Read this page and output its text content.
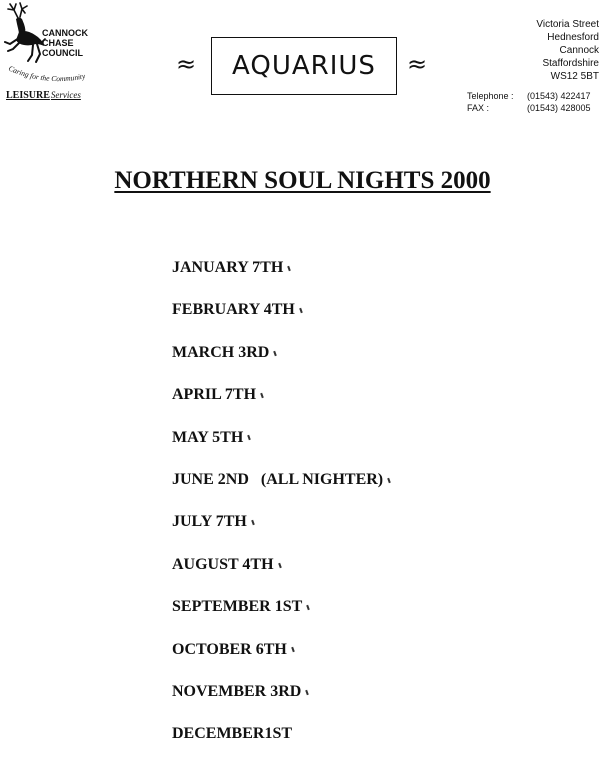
CANNOCK
CHASE
COUNCIL
Caring for the Community
LEISUREServices
≈ AQUARIUS ≈
Victoria Street
Hednesford
Cannock
Staffordshire
WS12 5BT
Telephone :	(01543) 422417
FAX :	(01543) 428005
NORTHERN SOUL NIGHTS 2000
JANUARY 7TH
FEBRUARY 4TH
MARCH 3RD
APRIL 7TH
MAY 5TH
JUNE 2ND   (ALL NIGHTER)
JULY 7TH
AUGUST 4TH
SEPTEMBER 1ST
OCTOBER 6TH
NOVEMBER 3RD
DECEMBER1ST
